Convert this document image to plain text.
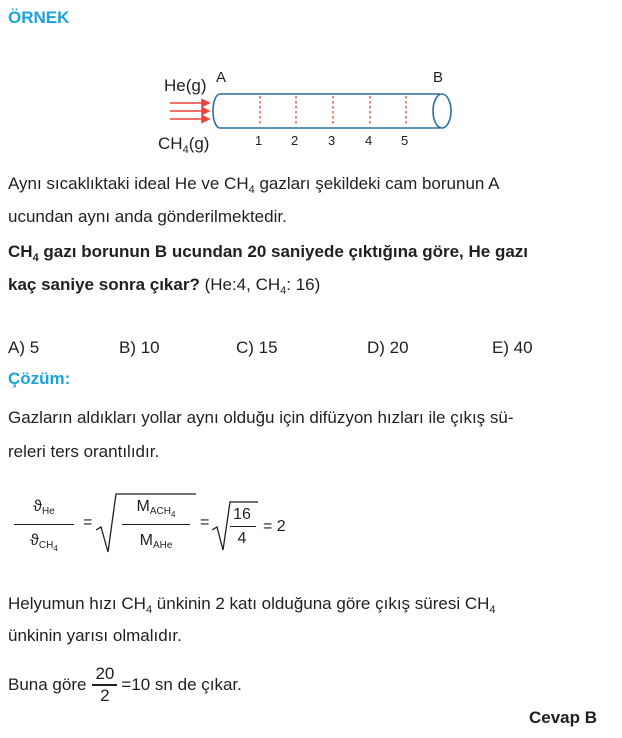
ÖRNEK
He(g) A	B
$CH_4(g)$	1 2 3 4 5
Aynı sıcaklıktaki ideal He ve $CH_4$ gazları şekildeki cam borunun A
ucundan aynı anda gönderilmektedir.
$CH_4$ gazı borunun B ucundan 20 saniyede çıktığına göre, He gazı
kaç saniye sonra çıkar? (He:4, $CH_4$: 16)
A) 5	B) 10	C) 15	D) 20	E) 40
Çözüm:
Gazların aldıkları yollar aynı olduğu için difüzyon hızları ile çıkış sü-
releri ters orantılıdır.
ϑHe
ϑCH$_4$
=
$MACH_4$
MAHe
= 16
4
= 2
Helyumun hızı $CH_4$ ünkinin 2 katı olduğuna göre çıkış süresi $CH_4$
ünkinin yarısı olmalıdır.
Buna göre $\frac{20}{2} =10$ sn de çıkar.
Cevap B
